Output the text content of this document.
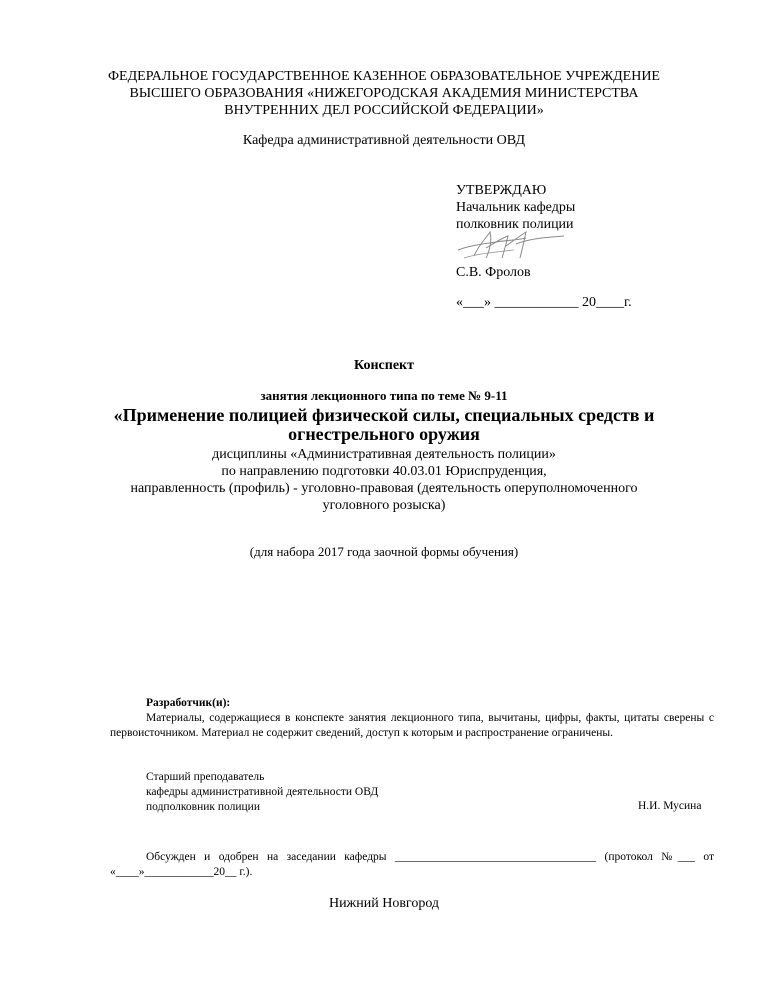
ФЕДЕРАЛЬНОЕ ГОСУДАРСТВЕННОЕ КАЗЕННОЕ ОБРАЗОВАТЕЛЬНОЕ УЧРЕЖДЕНИЕ
ВЫСШЕГО ОБРАЗОВАНИЯ «НИЖЕГОРОДСКАЯ АКАДЕМИЯ МИНИСТЕРСТВА
ВНУТРЕННИХ ДЕЛ РОССИЙСКОЙ ФЕДЕРАЦИИ»
Кафедра административной деятельности ОВД
УТВЕРЖДАЮ
Начальник кафедры
полковник полиции
С.В. Фролов
«___» ____________ 20____г.
Конспект
занятия лекционного типа по теме № 9-11
«Применение полицией физической силы, специальных средств и
огнестрельного оружия
дисциплины «Административная деятельность полиции»
по направлению подготовки 40.03.01 Юриспруденция,
направленность (профиль) - уголовно-правовая (деятельность оперуполномоченного
уголовного розыска)
(для набора 2017 года заочной формы обучения)
Разработчик(и):
Материалы, содержащиеся в конспекте занятия лекционного типа, вычитаны, цифры, факты, цитаты сверены с первоисточником. Материал не содержит сведений, доступ к которым и распространение ограничены.
Старший преподаватель
кафедры административной деятельности ОВД
подполковник полиции	Н.И. Мусина
Обсужден и одобрен на заседании кафедры ___________________________________ (протокол №___ от «____»____________20__ г.).
Нижний Новгород
